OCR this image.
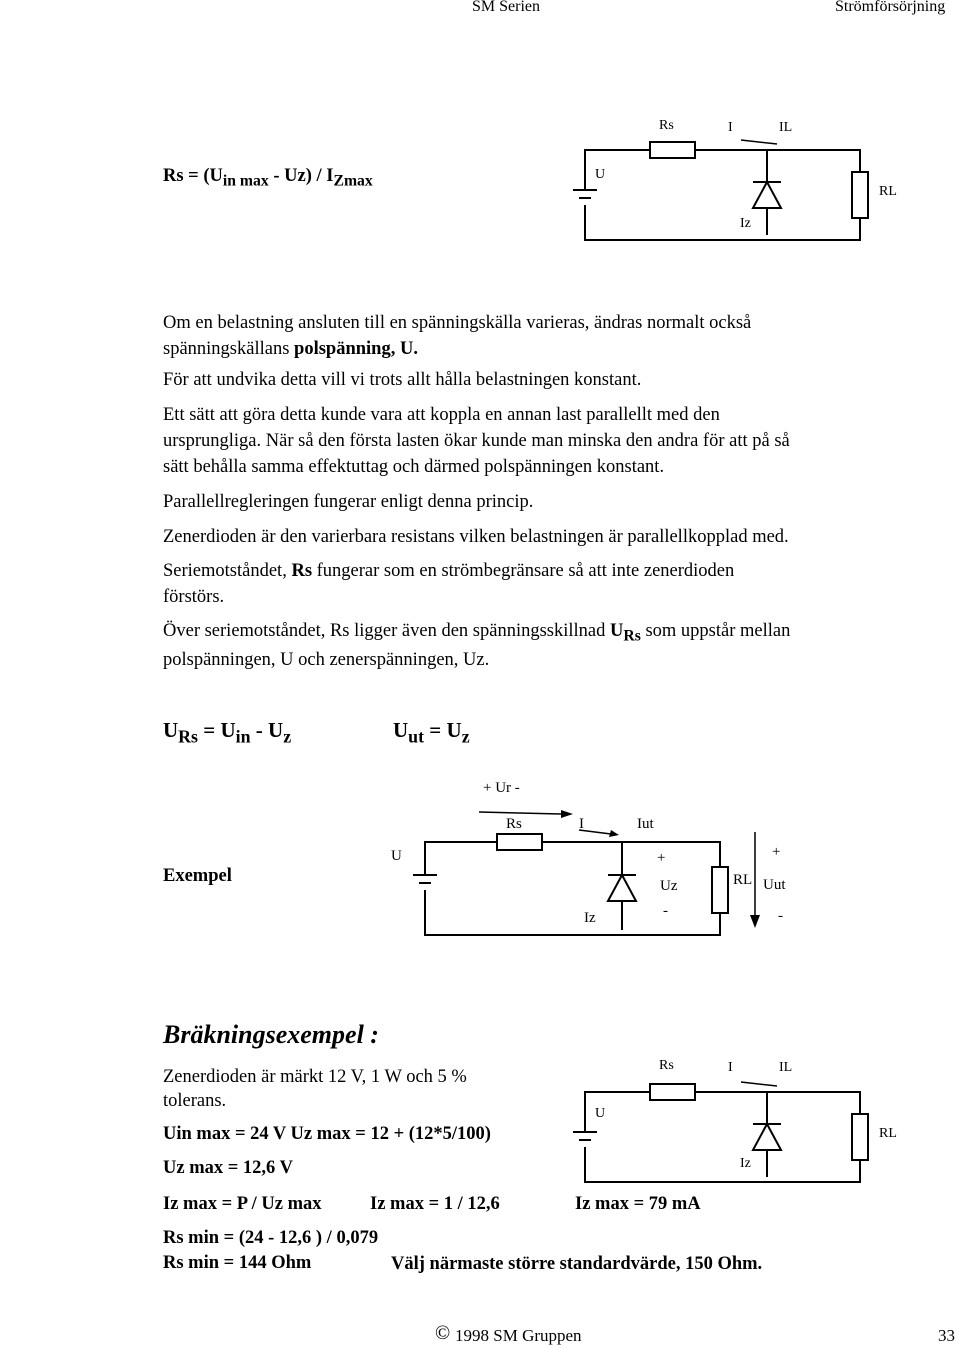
SM Serien	Strömförsörjning
$Rs = (U_{in max} - Uz) / I_{Zmax}$
Rs	I	IL
U
RL
Iz
Om en belastning ansluten till en spänningskälla varieras, ändras normalt också
spänningskällans polspänning, U.
För att undvika detta vill vi trots allt hålla belastningen konstant.
Ett sätt att göra detta kunde vara att koppla en annan last parallellt med den
ursprungliga. När så den första lasten ökar kunde man minska den andra för att på så
sätt behålla samma effektuttag och därmed polspänningen konstant.
Parallellregleringen fungerar enligt denna princip.
Zenerdioden är den varierbara resistans vilken belastningen är parallellkopplad med.
Seriemotståndet, Rs fungerar som en strömbegränsare så att inte zenerdioden
förstörs.
Över seriemotståndet, Rs ligger även den spänningsskillnad $U_{Rs}$ som uppstår mellan
polspänningen, U och zenerspänningen, Uz.
$U_{Rs} = U_{in} - U_z$	$U_{ut} = U_z$
+ Ur -
Rs	I	Iut
U	+
Uz
-
Iz
RL
+
Uut
-
Exempel
Bräkningsexempel :
Zenerdioden är märkt 12 V, 1 W och 5 %
tolerans.
Uin max = 24 V Uz max = 12 + (12*5/100)
Uz max = 12,6 V
Iz max = P / Uz max	Iz max = 1 / 12,6	Iz max = 79 mA
Rs min = (24 - 12,6 ) / 0,079
Rs min = 144 Ohm	Välj närmaste större standardvärde, 150 Ohm.
Rs	I	IL
U
RL
Iz
© 1998 SM Gruppen	33
